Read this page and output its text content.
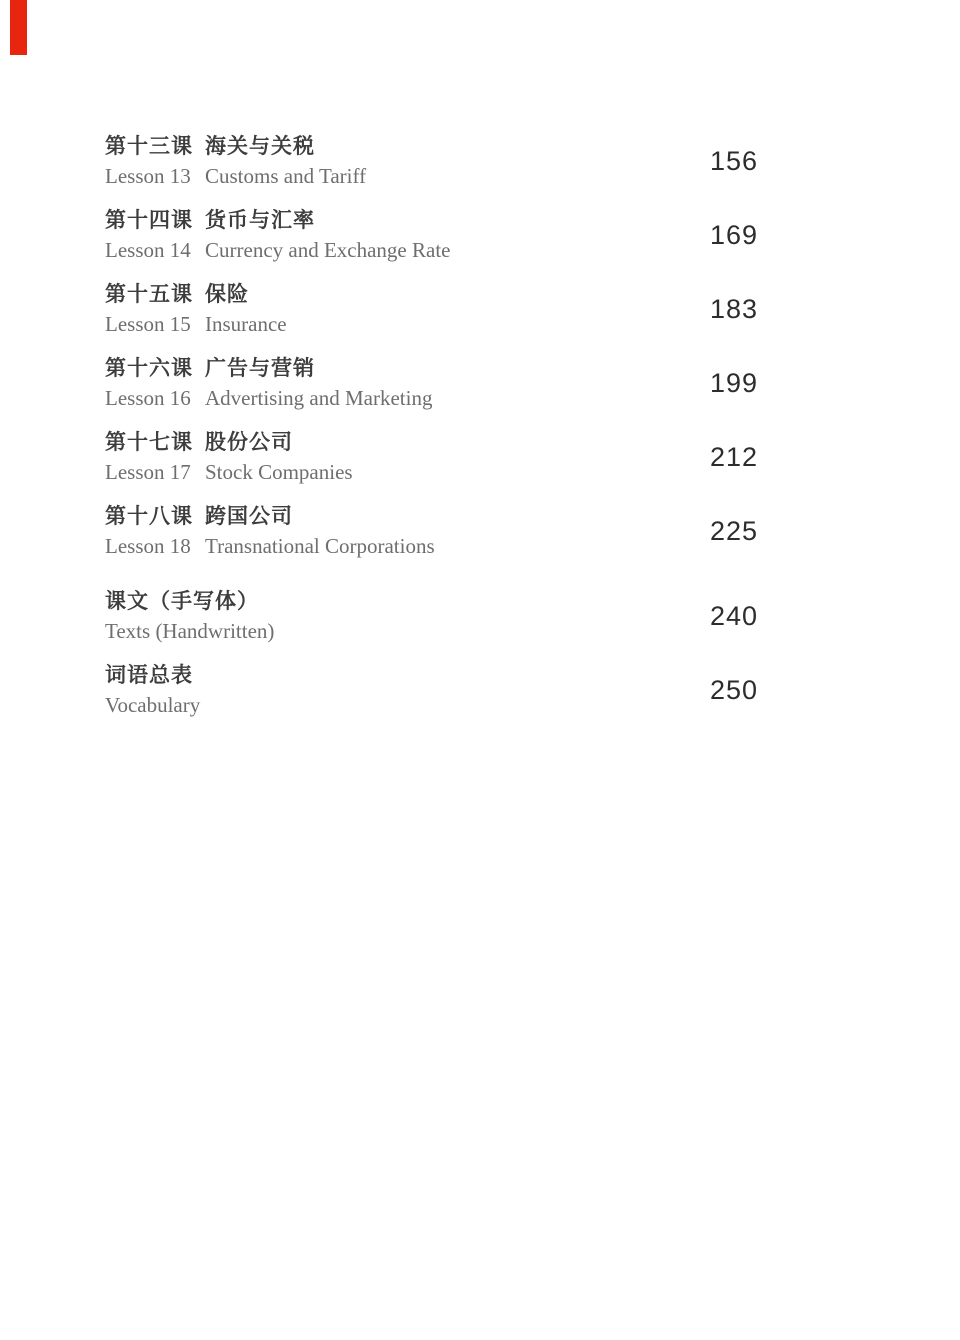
第十三课 海关与关税
Lesson 13 Customs and Tariff	156
第十四课 货币与汇率
Lesson 14 Currency and Exchange Rate	169
第十五课 保险
Lesson 15 Insurance	183
第十六课 广告与营销
Lesson 16 Advertising and Marketing	199
第十七课 股份公司
Lesson 17 Stock Companies	212
第十八课 跨国公司
Lesson 18 Transnational Corporations	225
课文（手写体）
Texts (Handwritten)	240
词语总表
Vocabulary	250
